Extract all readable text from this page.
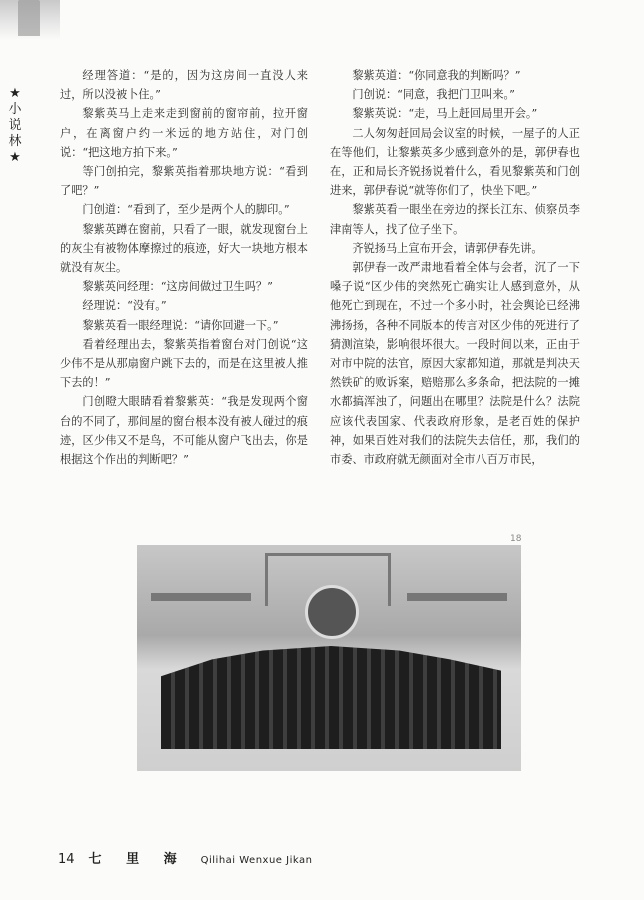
★小说林★

经理答道：“是的，因为这房间一直没人来过，所以没被卜住。”

黎紫英马上走来走到窗前的窗帘前，拉开窗户，在离窗户约一米远的地方站住，对门创说：“把这地方拍下来。”

等门创拍完，黎紫英指着那块地方说：“看到了吧？”

门创道：“看到了，至少是两个人的脚印。”

黎紫英蹲在窗前，只看了一眼，就发现窗台上的灰尘有被物体摩擦过的痕迹，好大一块地方根本就没有灰尘。

黎紫英问经理：“这房间做过卫生吗？”

经理说：“没有。”

黎紫英看一眼经理说：“请你回避一下。”

看着经理出去，黎紫英指着窗台对门创说“这少伟不是从那扇窗户跳下去的，而是在这里被人推下去的！”

门创瞪大眼睛看着黎紫英：“我是发现两个窗台的不同了，那间屋的窗台根本没有被人碰过的痕迹，区少伟又不是鸟，不可能从窗户飞出去，你是根据这个作出的判断吧？”

黎紫英道：“你同意我的判断吗？”

门创说：“同意，我把门卫叫来。”

黎紫英说：“走，马上赶回局里开会。”

二人匆匆赶回局会议室的时候，一屋子的人正在等他们，让黎紫英多少感到意外的是，郭伊春也在，正和局长齐锐扬说着什么，看见黎紫英和门创进来，郭伊春说“就等你们了，快坐下吧。”

黎紫英看一眼坐在旁边的探长江东、侦察员李津南等人，找了位子坐下。

齐锐扬马上宣布开会，请郭伊春先讲。

郭伊春一改严肃地看着全体与会者，沉了一下嗓子说“区少伟的突然死亡确实让人感到意外，从他死亡到现在，不过一个多小时，社会舆论已经沸沸扬扬，各种不同版本的传言对区少伟的死进行了猜测渲染，影响很坏很大。一段时间以来，正由于对市中院的法官，原因大家都知道，那就是判决天然铁矿的败诉案，赔赔那么多条命，把法院的一摊水都搞浑浊了，问题出在哪里？法院是什么？法院应该代表国家、代表政府形象，是老百姓的保护神，如果百姓对我们的法院失去信任，那，我们的市委、市政府就无颜面对全市八百万市民，

18
14 七 里 海 Qilihai Wenxue Jikan
